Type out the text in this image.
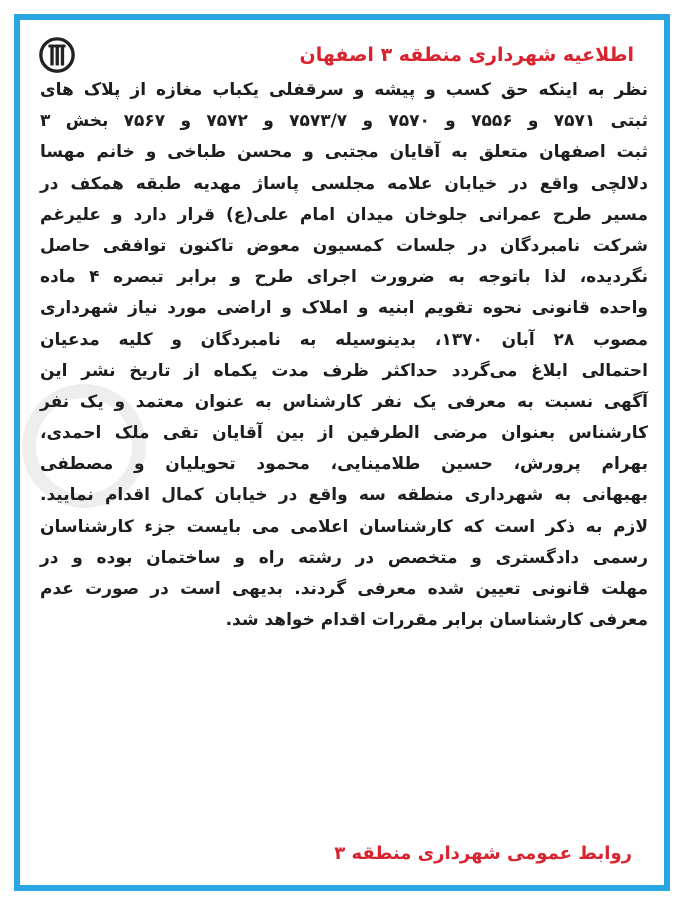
اطلاعیه شهرداری منطقه ۳ اصفهان
نظر به اینکه حق کسب و پیشه و سرقفلی یکباب مغازه از پلاک های
ثبتی ۷۵۷۱ و ۷۵۵۶ و ۷۵۷۰ و ۷۵۷۳/۷ و ۷۵۷۲ و ۷۵۶۷ بخش ۳
ثبت اصفهان متعلق به آقایان مجتبی و محسن طباخی و خانم مهسا
دلالچی واقع در خیابان علامه مجلسی پاساژ مهدیه طبقه همکف در
مسیر طرح عمرانی جلوخان میدان امام علی(ع) قرار دارد و علیرغم
شرکت نامبردگان در جلسات کمسیون معوض تاکنون توافقی حاصل
نگردیده، لذا باتوجه به ضرورت اجرای طرح و برابر تبصره ۴ ماده
واحده قانونی نحوه تقویم ابنیه و املاک و اراضی مورد نیاز شهرداری
مصوب ۲۸ آبان ۱۳۷۰، بدینوسیله به نامبردگان و کلیه مدعیان
احتمالی ابلاغ می‌گردد حداکثر ظرف مدت یکماه از تاریخ نشر این
آگهی نسبت به معرفی یک نفر کارشناس به عنوان معتمد و یک نفر
کارشناس بعنوان مرضی الطرفین از بین آقایان تقی ملک احمدی،
بهرام پرورش، حسین طلامینایی، محمود تحویلیان و مصطفی
بهبهانی به شهرداری منطقه سه واقع در خیابان کمال اقدام نمایید.
لازم به ذکر است که کارشناسان اعلامی می بایست جزء کارشناسان
رسمی دادگستری و متخصص در رشته راه و ساختمان بوده و در
مهلت قانونی تعیین شده معرفی گردند. بدیهی است در صورت عدم
معرفی کارشناسان برابر مقررات اقدام خواهد شد.
روابط عمومی شهرداری منطقه ۳
